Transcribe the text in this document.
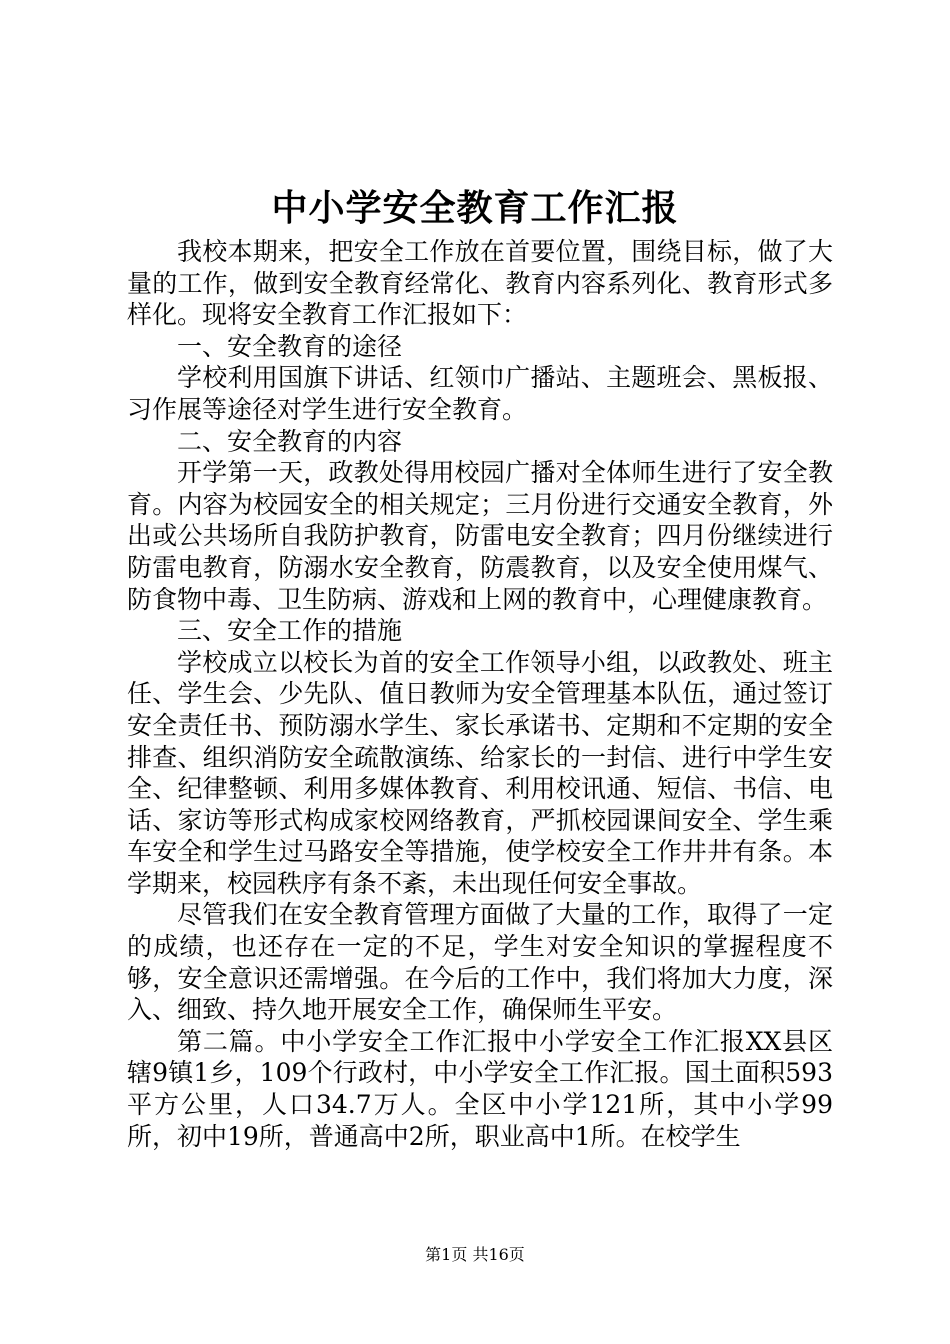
中小学安全教育工作汇报

我校本期来，把安全工作放在首要位置，围绕目标，做了大量的工作，做到安全教育经常化、教育内容系列化、教育形式多样化。现将安全教育工作汇报如下：

一、安全教育的途径

学校利用国旗下讲话、红领巾广播站、主题班会、黑板报、习作展等途径对学生进行安全教育。

二、安全教育的内容

开学第一天，政教处得用校园广播对全体师生进行了安全教育。内容为校园安全的相关规定；三月份进行交通安全教育，外出或公共场所自我防护教育，防雷电安全教育；四月份继续进行防雷电教育，防溺水安全教育，防震教育，以及安全使用煤气、防食物中毒、卫生防病、游戏和上网的教育中，心理健康教育。

三、安全工作的措施

学校成立以校长为首的安全工作领导小组，以政教处、班主任、学生会、少先队、值日教师为安全管理基本队伍，通过签订安全责任书、预防溺水学生、家长承诺书、定期和不定期的安全排查、组织消防安全疏散演练、给家长的一封信、进行中学生安全、纪律整顿、利用多媒体教育、利用校讯通、短信、书信、电话、家访等形式构成家校网络教育，严抓校园课间安全、学生乘车安全和学生过马路安全等措施，使学校安全工作井井有条。本学期来，校园秩序有条不紊，未出现任何安全事故。

尽管我们在安全教育管理方面做了大量的工作，取得了一定的成绩，也还存在一定的不足，学生对安全知识的掌握程度不够，安全意识还需增强。在今后的工作中，我们将加大力度，深入、细致、持久地开展安全工作，确保师生平安。

第二篇。中小学安全工作汇报中小学安全工作汇报XX县区辖9镇1乡，109个行政村，中小学安全工作汇报。国土面积593平方公里，人口34.7万人。全区中小学121所，其中小学99所，初中19所，普通高中2所，职业高中1所。在校学生

第1页 共16页
